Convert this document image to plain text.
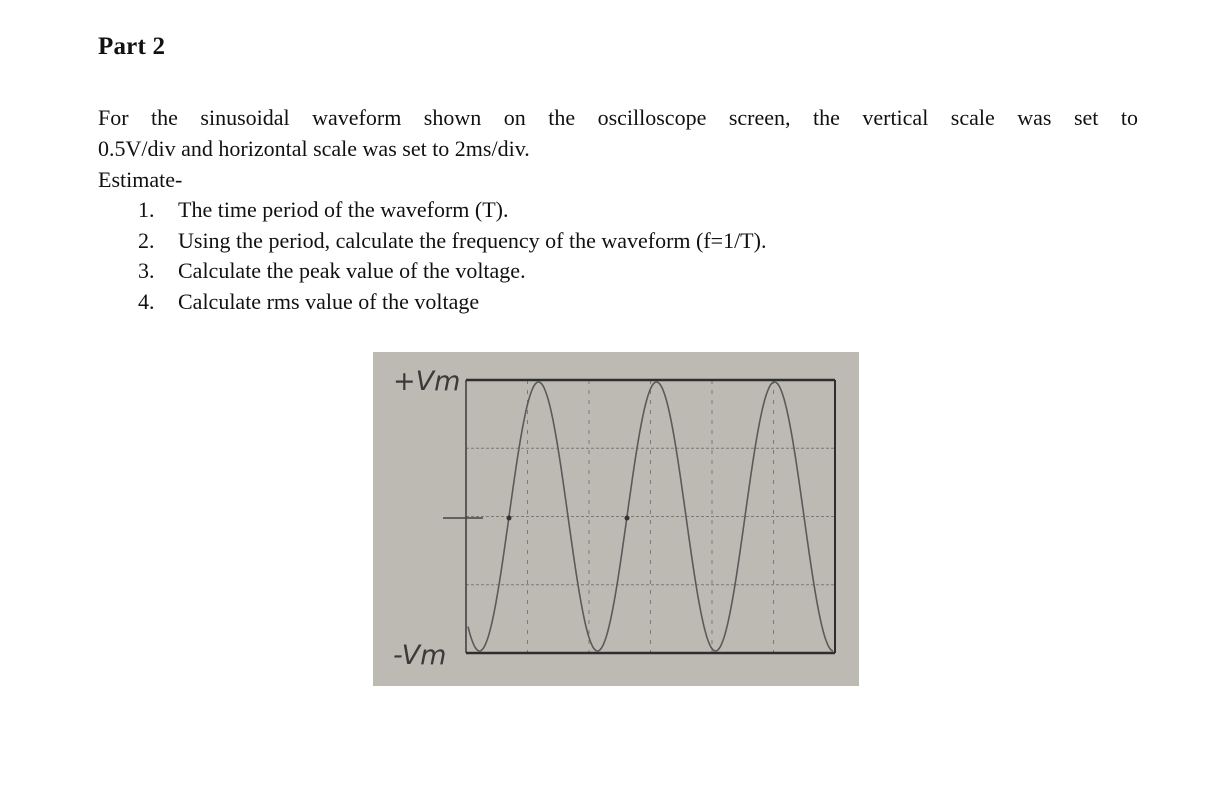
Part 2
For the sinusoidal waveform shown on the oscilloscope screen, the vertical scale was set to
0.5V/div and horizontal scale was set to 2ms/div.
Estimate-
1. The time period of the waveform (T).
2. Using the period, calculate the frequency of the waveform (f=1/T).
3. Calculate the peak value of the voltage.
4. Calculate rms value of the voltage
+Vm
-Vm
